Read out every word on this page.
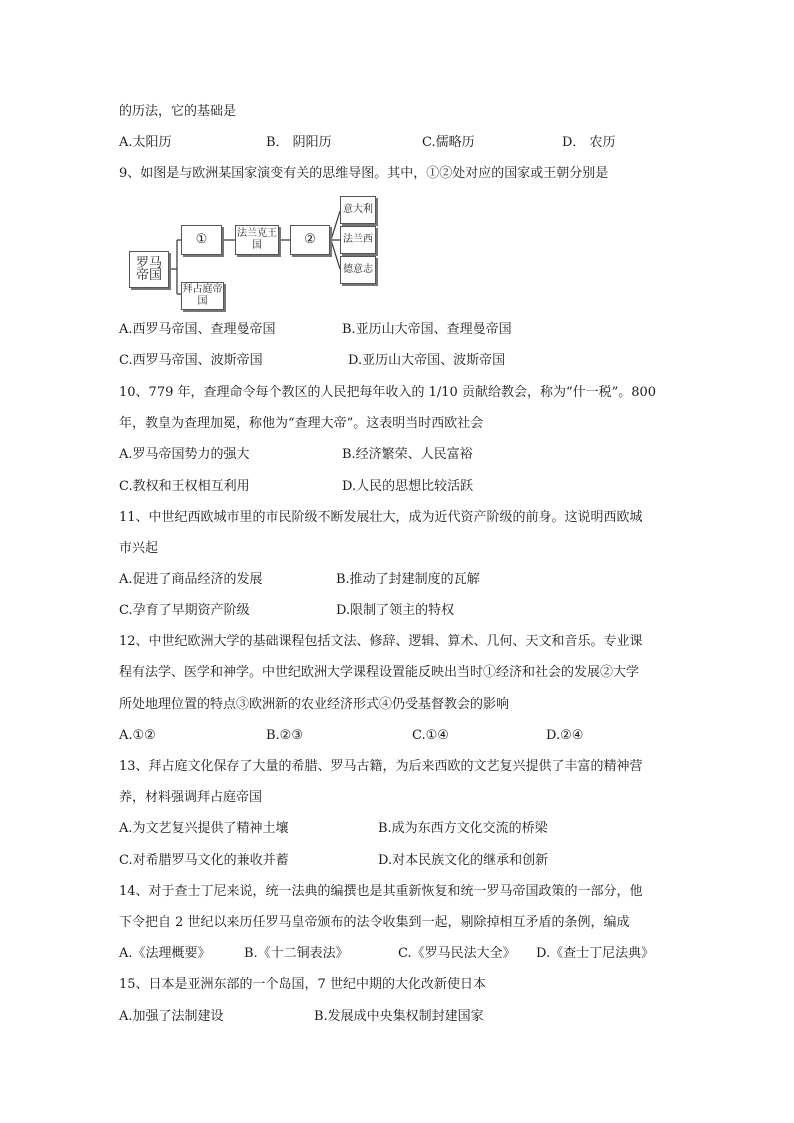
的历法，它的基础是
A.太阳历	B． 阴阳历	C.儒略历	D． 农历
9、如图是与欧洲某国家演变有关的思维导图。其中，①②处对应的国家或王朝分别是
罗马帝国
①
拜占庭帝国
法兰克王国	②
意大利
法兰西
德意志
A.西罗马帝国、查理曼帝国	B.亚历山大帝国、查理曼帝国
C.西罗马帝国、波斯帝国	D.亚历山大帝国、波斯帝国
10、779 年，查理命令每个教区的人民把每年收入的 1/10 贡献给教会，称为“什一税”。800
年，教皇为查理加冕，称他为“查理大帝”。这表明当时西欧社会
A.罗马帝国势力的强大	B.经济繁荣、人民富裕
C.教权和王权相互利用	D.人民的思想比较活跃
11、中世纪西欧城市里的市民阶级不断发展壮大，成为近代资产阶级的前身。这说明西欧城
市兴起
A.促进了商品经济的发展	B.推动了封建制度的瓦解
C.孕育了早期资产阶级	D.限制了领主的特权
12、中世纪欧洲大学的基础课程包括文法、修辞、逻辑、算术、几何、天文和音乐。专业课
程有法学、医学和神学。中世纪欧洲大学课程设置能反映出当时①经济和社会的发展②大学
所处地理位置的特点③欧洲新的农业经济形式④仍受基督教会的影响
A.①②	B.②③	C.①④	D.②④
13、拜占庭文化保存了大量的希腊、罗马古籍，为后来西欧的文艺复兴提供了丰富的精神营
养，材料强调拜占庭帝国
A.为文艺复兴提供了精神土壤	B.成为东西方文化交流的桥梁
C.对希腊罗马文化的兼收并蓄	D.对本民族文化的继承和创新
14、对于查士丁尼来说，统一法典的编撰也是其重新恢复和统一罗马帝国政策的一部分，他
下令把自 2 世纪以来历任罗马皇帝颁布的法令收集到一起，剔除掉相互矛盾的条例，编成
A.《法理概要》	B.《十二铜表法》	C.《罗马民法大全》 D.《查士丁尼法典》
15、日本是亚洲东部的一个岛国，7 世纪中期的大化改新使日本
A.加强了法制建设	B.发展成中央集权制封建国家
